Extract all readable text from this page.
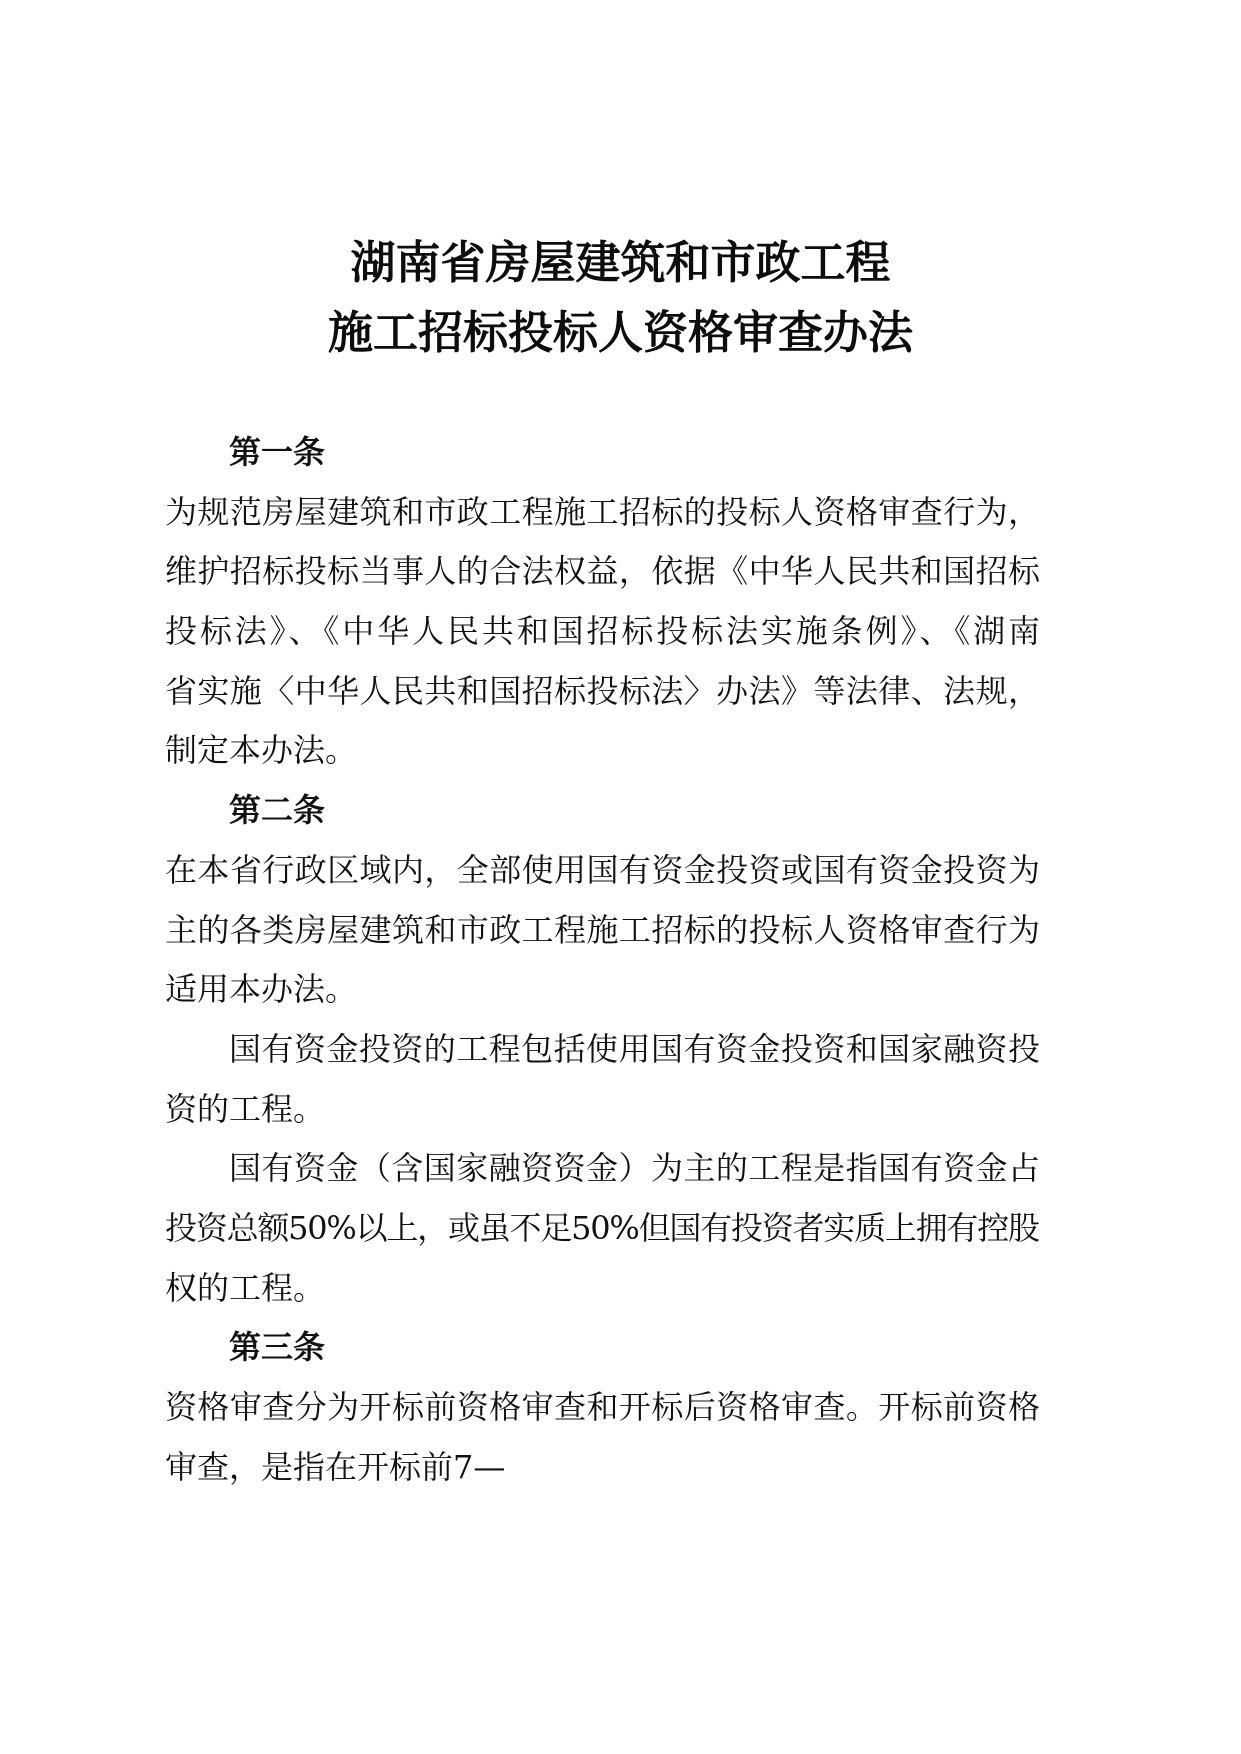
湖南省房屋建筑和市政工程
施工招标投标人资格审查办法
第一条
为规范房屋建筑和市政工程施工招标的投标人资格审查行为，
维护招标投标当事人的合法权益，依据《中华人民共和国招标
投标法》、《中华人民共和国招标投标法实施条例》、《湖南
省实施〈中华人民共和国招标投标法〉办法》等法律、法规，
制定本办法。
第二条
在本省行政区域内，全部使用国有资金投资或国有资金投资为
主的各类房屋建筑和市政工程施工招标的投标人资格审查行为
适用本办法。
国有资金投资的工程包括使用国有资金投资和国家融资投
资的工程。
国有资金（含国家融资资金）为主的工程是指国有资金占
投资总额50%以上，或虽不足50%但国有投资者实质上拥有控股
权的工程。
第三条
资格审查分为开标前资格审查和开标后资格审查。开标前资格
审查，是指在开标前7—
